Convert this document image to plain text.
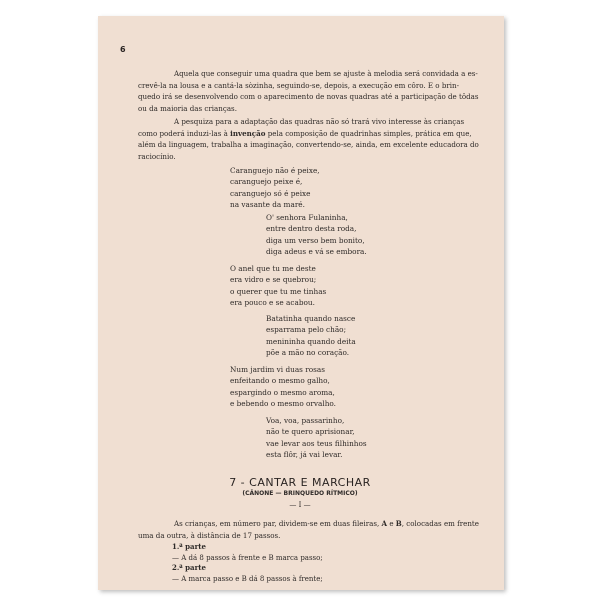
6

Aquela que conseguir uma quadra que bem se ajuste à melodia será convidada a es-
crevê-la na lousa e a cantá-la sòzinha, seguindo-se, depois, a execução em côro. E o brin-
quedo irá se desenvolvendo com o aparecimento de novas quadras até a participação de tôdas
ou da maioria das crianças.

A pesquiza para a adaptação das quadras não só trará vivo interesse às crianças
como poderá induzi-las à invenção pela composição de quadrinhas simples, prática em que,
além da linguagem, trabalha a imaginação, convertendo-se, ainda, em excelente educadora do
raciocínio.

Caranguejo não é peixe,
caranguejo peixe é,
caranguejo só é peixe
na vasante da maré.
O' senhora Fulaninha,
entre dentro desta roda,
diga um verso bem bonito,
diga adeus e vá se embora.
O anel que tu me deste
era vidro e se quebrou;
o querer que tu me tinhas
era pouco e se acabou.
Batatinha quando nasce
esparrama pelo chão;
menininha quando deita
põe a mão no coração.
Num jardim vi duas rosas
enfeitando o mesmo galho,
espargindo o mesmo aroma,
e bebendo o mesmo orvalho.
Voa, voa, passarinho,
não te quero aprisionar,
vae levar aos teus filhinhos
esta flôr, já vai levar.
7 - CANTAR E MARCHAR
(CÂNONE — BRINQUEDO RÍTMICO)
— I —

As crianças, em número par, dividem-se em duas fileiras, A e B, colocadas em frente
uma da outra, à distância de 17 passos.

1.ª parte
— A dá 8 passos à frente e B marca passo;
2.ª parte
— A marca passo e B dá 8 passos à frente;
